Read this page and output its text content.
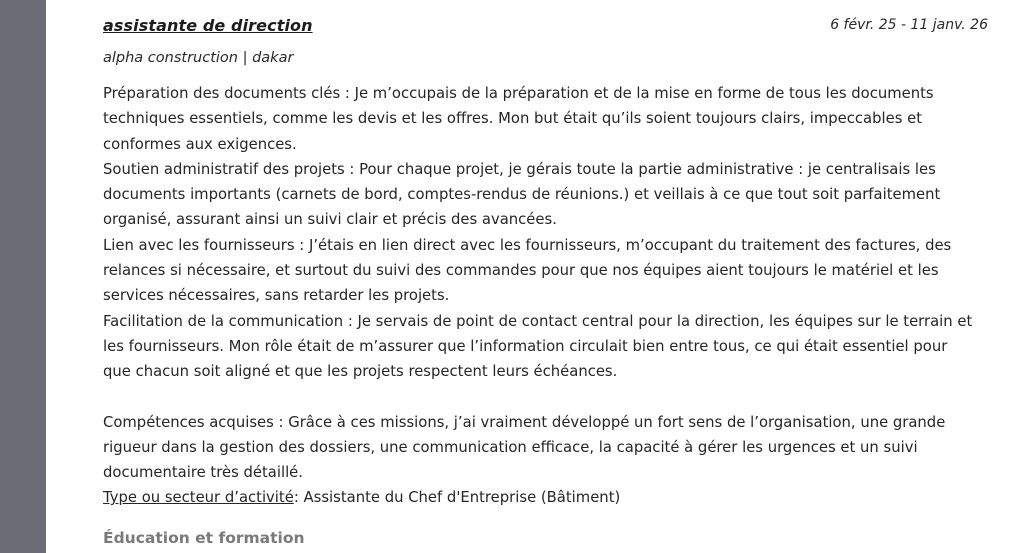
assistante de direction	6 févr. 25 - 11 janv. 26
alpha construction | dakar

Préparation des documents clés : Je m’occupais de la préparation et de la mise en forme de tous les documents techniques essentiels, comme les devis et les offres. Mon but était qu’ils soient toujours clairs, impeccables et conformes aux exigences.

Soutien administratif des projets : Pour chaque projet, je gérais toute la partie administrative : je centralisais les documents importants (carnets de bord, comptes-rendus de réunions.) et veillais à ce que tout soit parfaitement organisé, assurant ainsi un suivi clair et précis des avancées.

Lien avec les fournisseurs : J’étais en lien direct avec les fournisseurs, m’occupant du traitement des factures, des relances si nécessaire, et surtout du suivi des commandes pour que nos équipes aient toujours le matériel et les services nécessaires, sans retarder les projets.

Facilitation de la communication : Je servais de point de contact central pour la direction, les équipes sur le terrain et les fournisseurs. Mon rôle était de m’assurer que l’information circulait bien entre tous, ce qui était essentiel pour que chacun soit aligné et que les projets respectent leurs échéances.

Compétences acquises : Grâce à ces missions, j’ai vraiment développé un fort sens de l’organisation, une grande rigueur dans la gestion des dossiers, une communication efficace, la capacité à gérer les urgences et un suivi documentaire très détaillé.

Type ou secteur d’activité: Assistante du Chef d'Entreprise (Bâtiment)
Éducation et formation
